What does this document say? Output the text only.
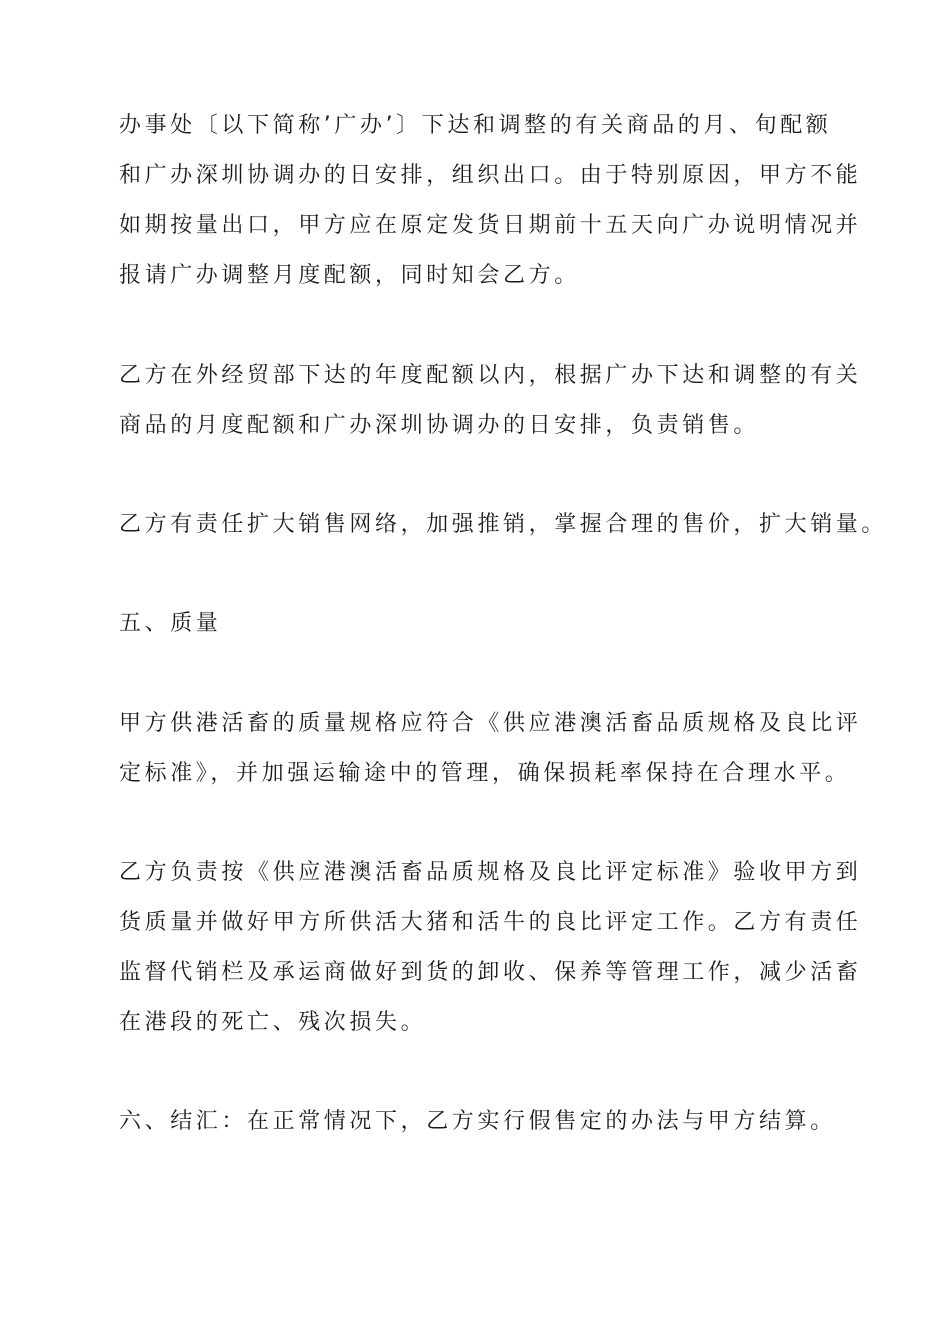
办事处〔以下简称’广办’〕下达和调整的有关商品的月、旬配额
和广办深圳协调办的日安排，组织出口。由于特别原因，甲方不能
如期按量出口，甲方应在原定发货日期前十五天向广办说明情况并
报请广办调整月度配额，同时知会乙方。

乙方在外经贸部下达的年度配额以内，根据广办下达和调整的有关
商品的月度配额和广办深圳协调办的日安排，负责销售。

乙方有责任扩大销售网络，加强推销，掌握合理的售价，扩大销量。

五、质量

甲方供港活畜的质量规格应符合《供应港澳活畜品质规格及良比评
定标准》，并加强运输途中的管理，确保损耗率保持在合理水平。

乙方负责按《供应港澳活畜品质规格及良比评定标准》验收甲方到
货质量并做好甲方所供活大猪和活牛的良比评定工作。乙方有责任
监督代销栏及承运商做好到货的卸收、保养等管理工作，减少活畜
在港段的死亡、残次损失。

六、结汇：在正常情况下，乙方实行假售定的办法与甲方结算。
